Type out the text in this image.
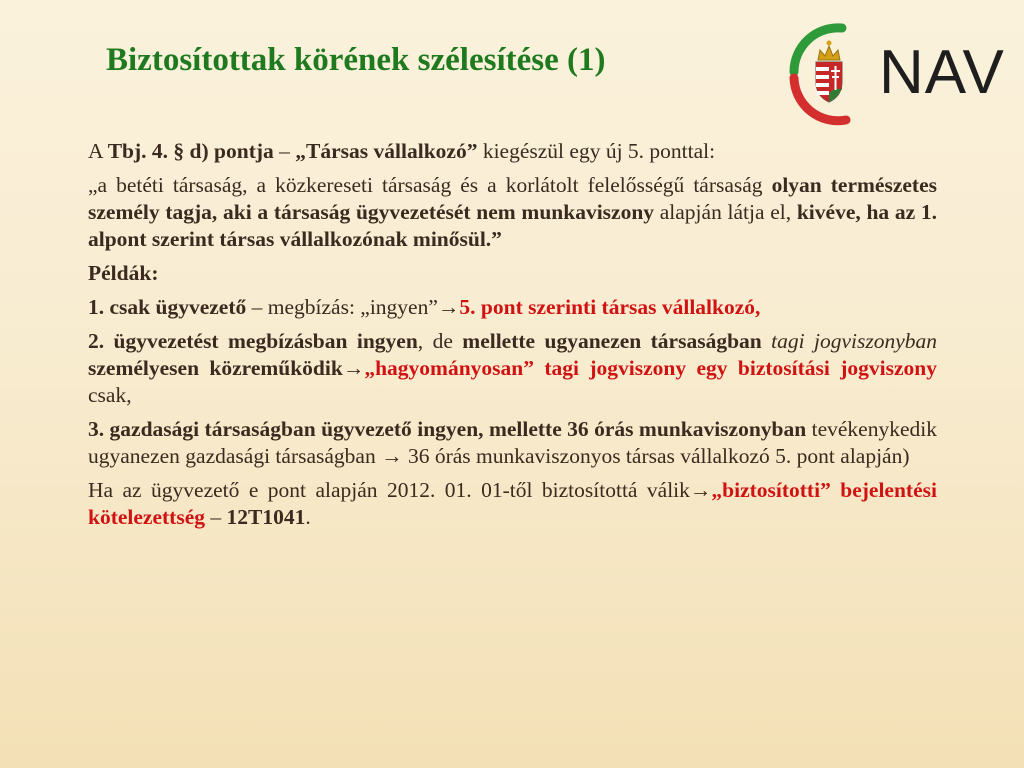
Biztosítottak körének szélesítése (1)	NAV

A Tbj. 4. § d) pontja – „Társas vállalkozó” kiegészül egy új 5. ponttal:

„a betéti társaság, a közkereseti társaság és a korlátolt felelősségű társaság olyan természetes személy tagja, aki a társaság ügyvezetését nem munkaviszony alapján látja el, kivéve, ha az 1. alpont szerint társas vállalkozónak minősül.”

Példák:

1. csak ügyvezető – megbízás: „ingyen”→5. pont szerinti társas vállalkozó,

2. ügyvezetést megbízásban ingyen, de mellette ugyanezen társaságban tagi jogviszonyban személyesen közreműködik→„hagyományosan” tagi jogviszony egy biztosítási jogviszony csak,

3. gazdasági társaságban ügyvezető ingyen, mellette 36 órás munkaviszonyban tevékenykedik ugyanezen gazdasági társaságban → 36 órás munkaviszonyos társas vállalkozó 5. pont alapján)

Ha az ügyvezető e pont alapján 2012. 01. 01-től biztosítottá válik→„biztosítotti” bejelentési kötelezettség – 12T1041.
